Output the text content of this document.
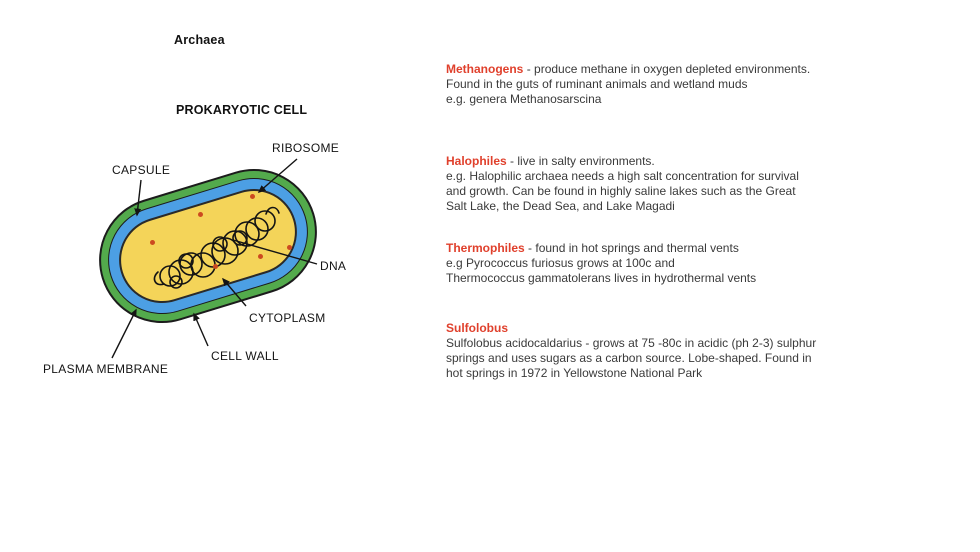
Archaea
PROKARYOTIC CELL
CAPSULE
RIBOSOME
DNA
CYTOPLASM
CELL WALL
PLASMA MEMBRANE
Methanogens - produce methane in oxygen depleted environments.
Found in the guts of ruminant animals and wetland muds
e.g. genera Methanosarscina
Halophiles - live in salty environments.
e.g. Halophilic archaea needs a high salt concentration for survival
and growth. Can be found in highly saline lakes such as the Great
Salt Lake, the Dead Sea, and Lake Magadi
Thermophiles - found in hot springs and thermal vents
e.g Pyrococcus furiosus grows at 100c and
Thermococcus gammatolerans lives in hydrothermal vents
Sulfolobus
Sulfolobus acidocaldarius - grows at 75 -80c in acidic (ph 2-3) sulphur
springs and uses sugars as a carbon source. Lobe-shaped. Found in
hot springs in 1972 in Yellowstone National Park
